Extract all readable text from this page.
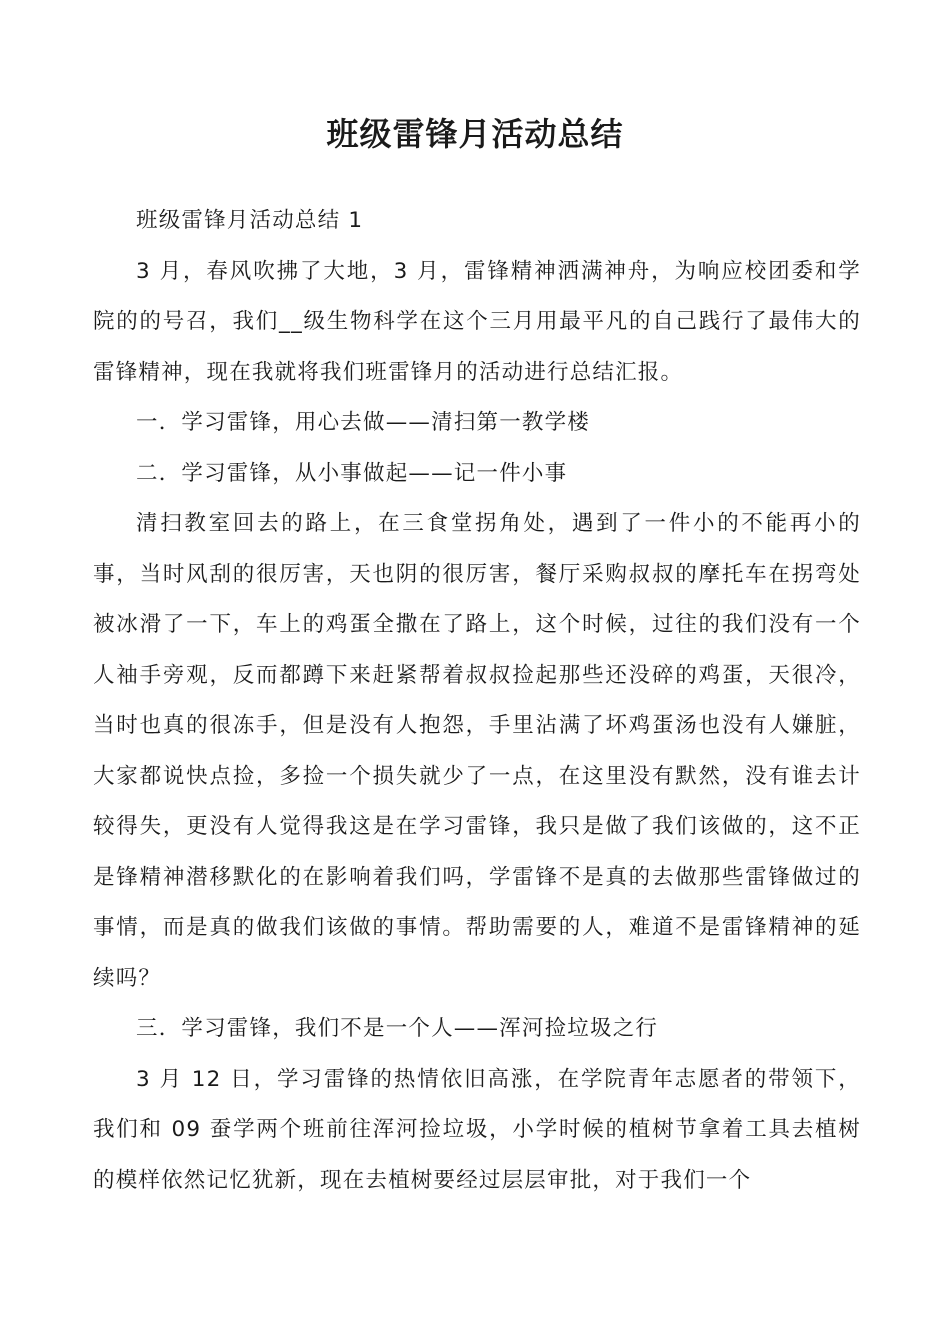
班级雷锋月活动总结

班级雷锋月活动总结 1

3 月，春风吹拂了大地，3 月，雷锋精神洒满神舟，为响应校团委和学院的的号召，我们__级生物科学在这个三月用最平凡的自己践行了最伟大的雷锋精神，现在我就将我们班雷锋月的活动进行总结汇报。

一．学习雷锋，用心去做——清扫第一教学楼

二．学习雷锋，从小事做起——记一件小事

清扫教室回去的路上，在三食堂拐角处，遇到了一件小的不能再小的事，当时风刮的很厉害，天也阴的很厉害，餐厅采购叔叔的摩托车在拐弯处被冰滑了一下，车上的鸡蛋全撒在了路上，这个时候，过往的我们没有一个人袖手旁观，反而都蹲下来赶紧帮着叔叔捡起那些还没碎的鸡蛋，天很冷，当时也真的很冻手，但是没有人抱怨，手里沾满了坏鸡蛋汤也没有人嫌脏，大家都说快点捡，多捡一个损失就少了一点，在这里没有默然，没有谁去计较得失，更没有人觉得我这是在学习雷锋，我只是做了我们该做的，这不正是锋精神潜移默化的在影响着我们吗，学雷锋不是真的去做那些雷锋做过的事情，而是真的做我们该做的事情。帮助需要的人，难道不是雷锋精神的延续吗？

三．学习雷锋，我们不是一个人——浑河捡垃圾之行

3 月 12 日，学习雷锋的热情依旧高涨，在学院青年志愿者的带领下，我们和 09 蚕学两个班前往浑河捡垃圾，小学时候的植树节拿着工具去植树的模样依然记忆犹新，现在去植树要经过层层审批，对于我们一个
